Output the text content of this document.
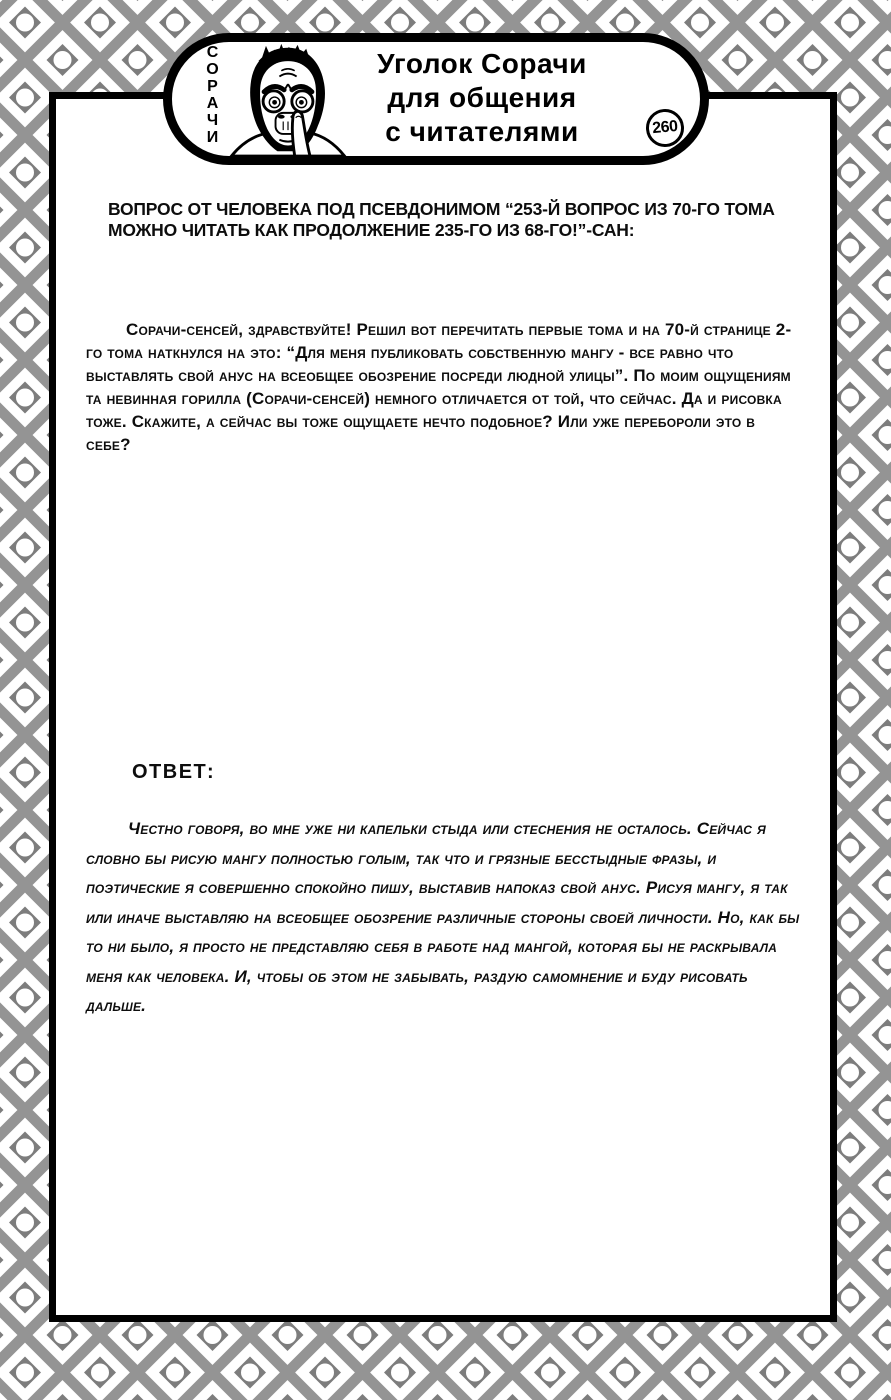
ВОПРОС ОТ ЧЕЛОВЕКА ПОД ПСЕВДОНИМОМ “253-Й ВОПРОС ИЗ 70-ГО ТОМА МОЖНО ЧИТАТЬ КАК ПРОДОЛЖЕНИЕ 235-ГО ИЗ 68-ГО!”-САН:
Сорачи-сенсей, здравствуйте! Решил вот перечитать первые тома и на 70-й странице 2-го тома наткнулся на это: “Для меня публиковать собственную мангу - все равно что выставлять свой анус на всеобщее обозрение посреди людной улицы”. По моим ощущениям та невинная горилла (Сорачи-сенсей) немного отличается от той, что сейчас. Да и рисовка тоже. Скажите, а сейчас вы тоже ощущаете нечто подобное? Или уже перебороли это в себе?
ОТВЕТ:
Честно говоря, во мне уже ни капельки стыда или стеснения не осталось. Сейчас я словно бы рисую мангу полностью голым, так что и грязные бесстыдные фразы, и поэтические я совершенно спокойно пишу, выставив напоказ свой анус. Рисуя мангу, я так или иначе выставляю на всеобщее обозрение различные стороны своей личности. Но, как бы то ни было, я просто не представляю себя в работе над мангой, которая бы не раскрывала меня как человека. И, чтобы об этом не забывать, раздую самомнение и буду рисовать дальше.
СОРАЧИ	Уголок Сорачи
для общения
с читателями	260
